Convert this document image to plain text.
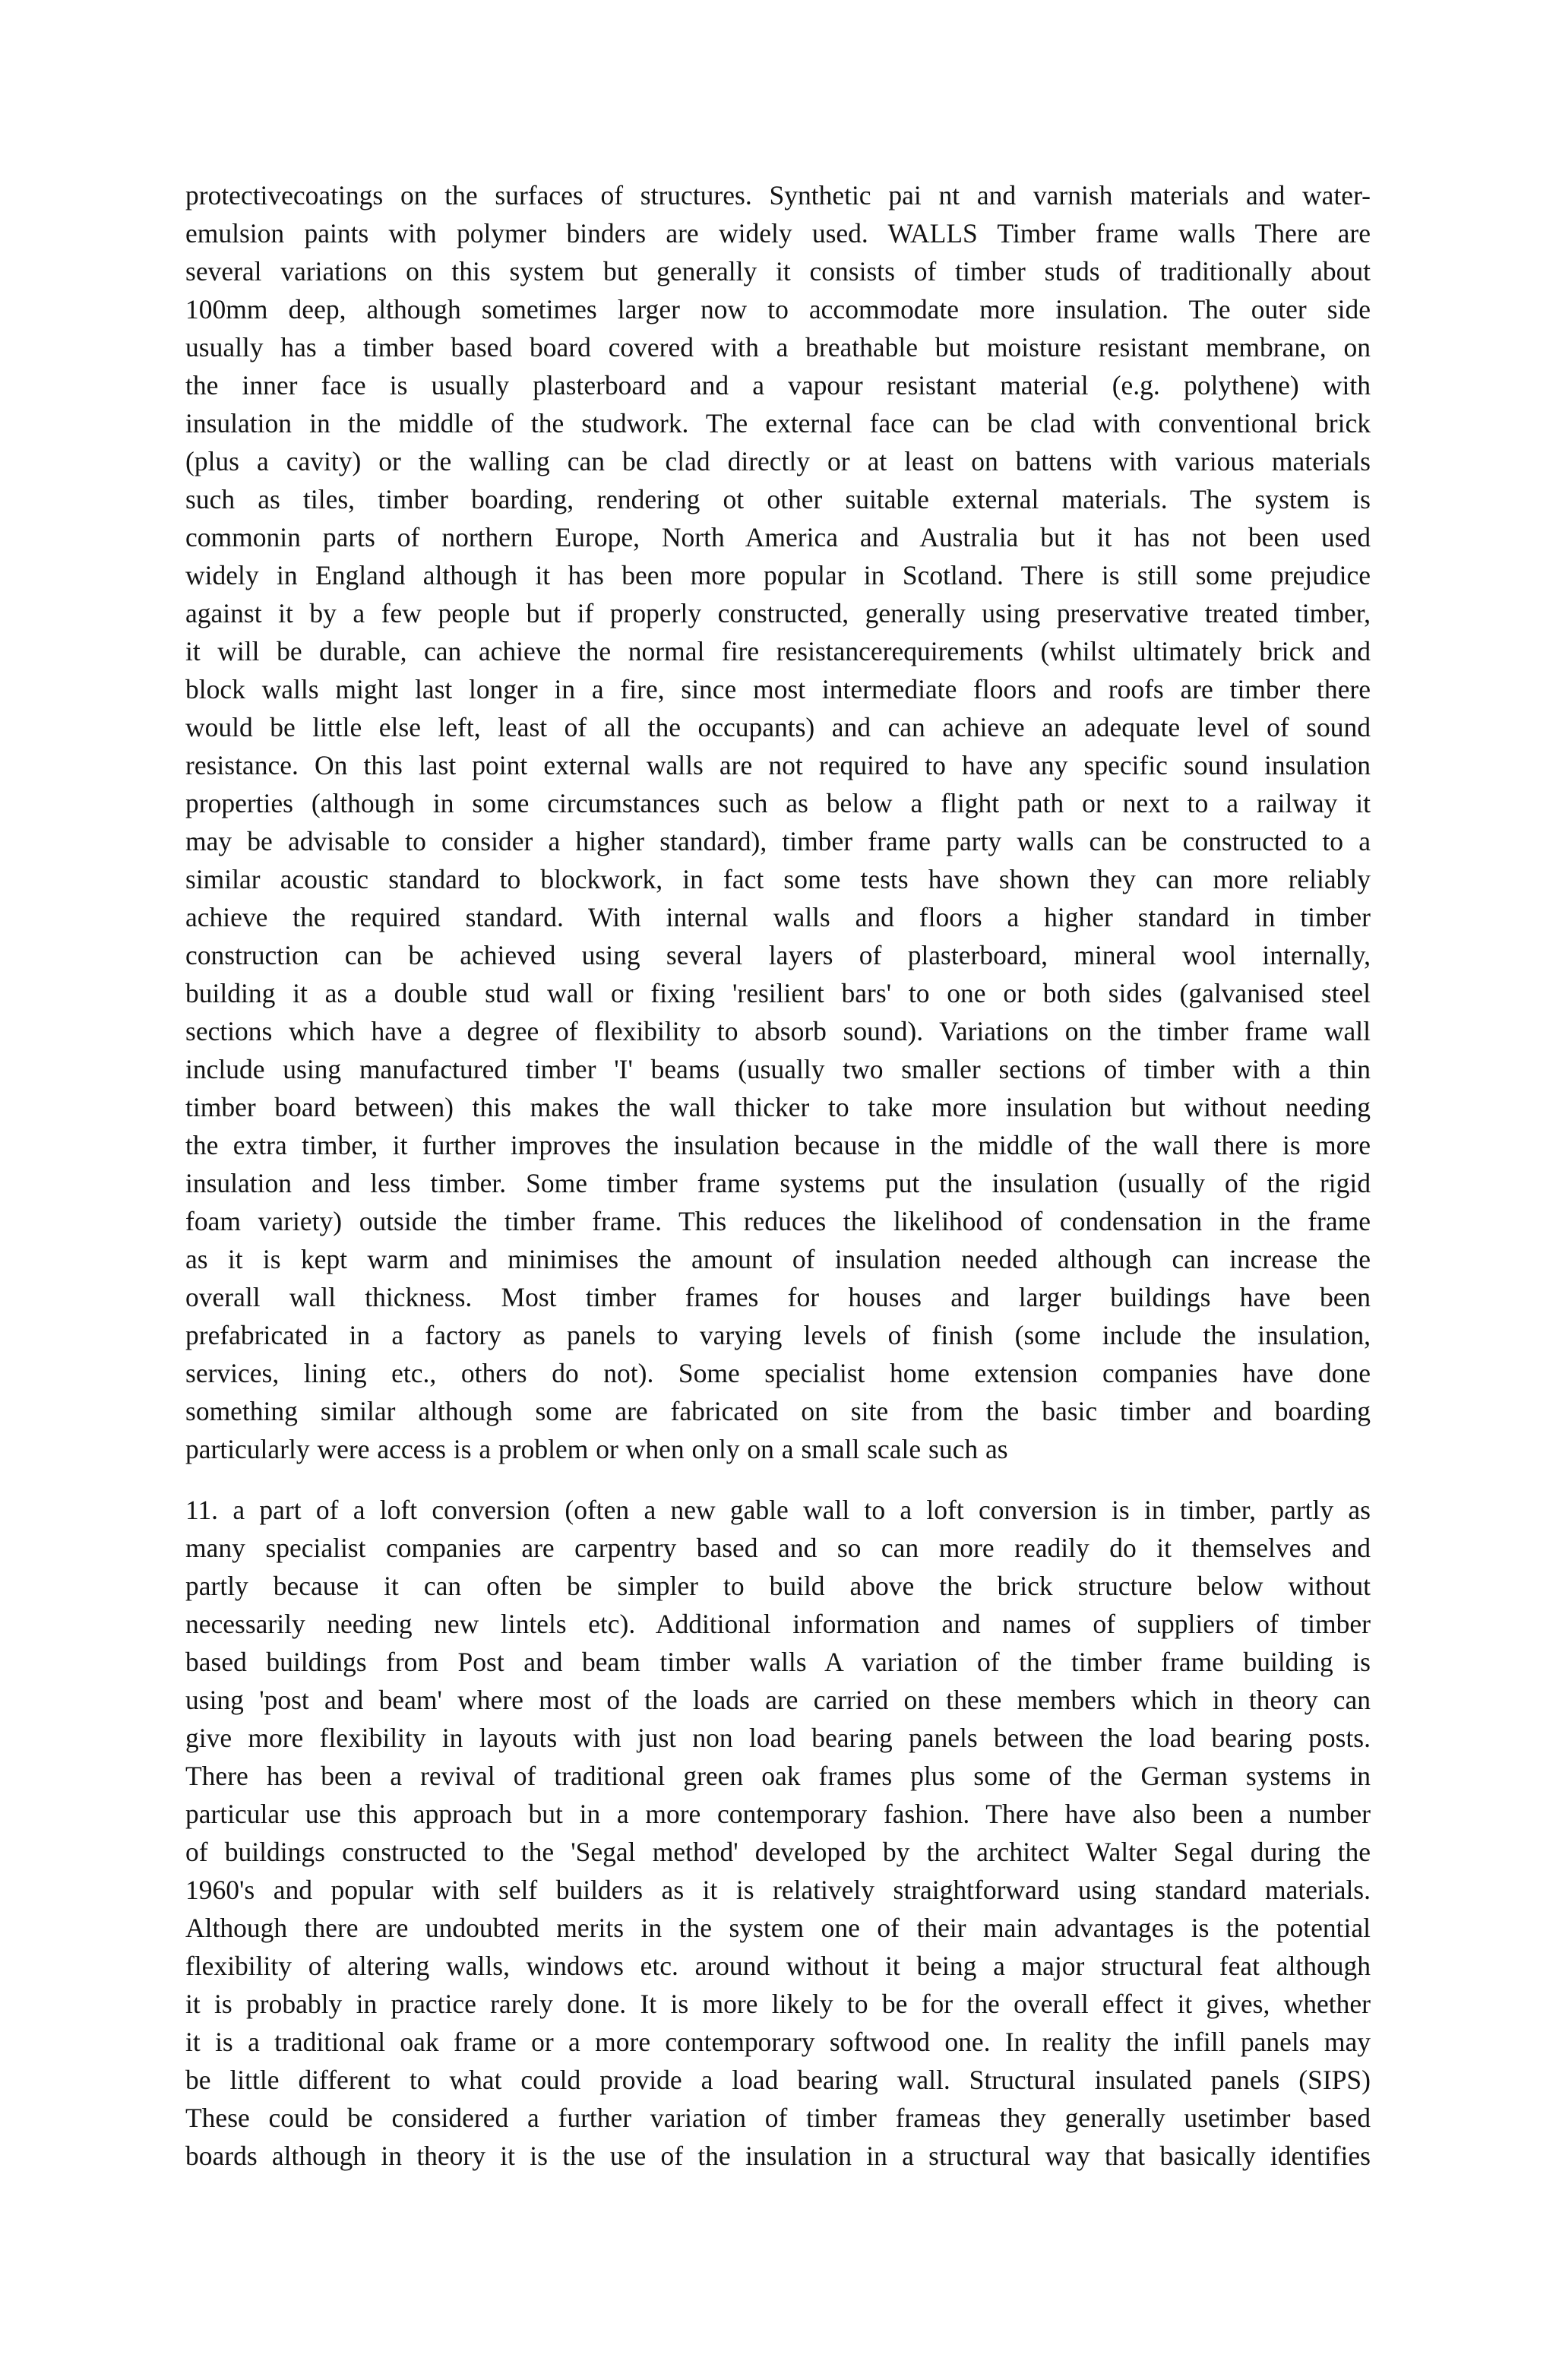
protectivecoatings on the surfaces of structures. Synthetic pai nt and varnish materials and water-
emulsion paints with polymer binders are widely used. WALLS Timber frame walls There are
several variations on this system but generally it consists of timber studs of traditionally about
100mm deep, although sometimes larger now to accommodate more insulation. The outer side
usually has a timber based board covered with a breathable but moisture resistant membrane, on
the inner face is usually plasterboard and a vapour resistant material (e.g. polythene) with
insulation in the middle of the studwork. The external face can be clad with conventional brick
(plus a cavity) or the walling can be clad directly or at least on battens with various materials
such as tiles, timber boarding, rendering ot other suitable external materials. The system is
commonin parts of northern Europe, North America and Australia but it has not been used
widely in England although it has been more popular in Scotland. There is still some prejudice
against it by a few people but if properly constructed, generally using preservative treated timber,
it will be durable, can achieve the normal fire resistancerequirements (whilst ultimately brick and
block walls might last longer in a fire, since most intermediate floors and roofs are timber there
would be little else left, least of all the occupants) and can achieve an adequate level of sound
resistance. On this last point external walls are not required to have any specific sound insulation
properties (although in some circumstances such as below a flight path or next to a railway it
may be advisable to consider a higher standard), timber frame party walls can be constructed to a
similar acoustic standard to blockwork, in fact some tests have shown they can more reliably
achieve the required standard. With internal walls and floors a higher standard in timber
construction can be achieved using several layers of plasterboard, mineral wool internally,
building it as a double stud wall or fixing 'resilient bars' to one or both sides (galvanised steel
sections which have a degree of flexibility to absorb sound). Variations on the timber frame wall
include using manufactured timber 'I' beams (usually two smaller sections of timber with a thin
timber board between) this makes the wall thicker to take more insulation but without needing
the extra timber, it further improves the insulation because in the middle of the wall there is more
insulation and less timber. Some timber frame systems put the insulation (usually of the rigid
foam variety) outside the timber frame. This reduces the likelihood of condensation in the frame
as it is kept warm and minimises the amount of insulation needed although can increase the
overall wall thickness. Most timber frames for houses and larger buildings have been
prefabricated in a factory as panels to varying levels of finish (some include the insulation,
services, lining etc., others do not). Some specialist home extension companies have done
something similar although some are fabricated on site from the basic timber and boarding
particularly were access is a problem or when only on a small scale such as
11. a part of a loft conversion (often a new gable wall to a loft conversion is in timber, partly as
many specialist companies are carpentry based and so can more readily do it themselves and
partly because it can often be simpler to build above the brick structure below without
necessarily needing new lintels etc). Additional information and names of suppliers of timber
based buildings from Post and beam timber walls A variation of the timber frame building is
using 'post and beam' where most of the loads are carried on these members which in theory can
give more flexibility in layouts with just non load bearing panels between the load bearing posts.
There has been a revival of traditional green oak frames plus some of the German systems in
particular use this approach but in a more contemporary fashion. There have also been a number
of buildings constructed to the 'Segal method' developed by the architect Walter Segal during the
1960's and popular with self builders as it is relatively straightforward using standard materials.
Although there are undoubted merits in the system one of their main advantages is the potential
flexibility of altering walls, windows etc. around without it being a major structural feat although
it is probably in practice rarely done. It is more likely to be for the overall effect it gives, whether
it is a traditional oak frame or a more contemporary softwood one. In reality the infill panels may
be little different to what could provide a load bearing wall. Structural insulated panels (SIPS)
These could be considered a further variation of timber frameas they generally usetimber based
boards although in theory it is the use of the insulation in a structural way that basically identifies
